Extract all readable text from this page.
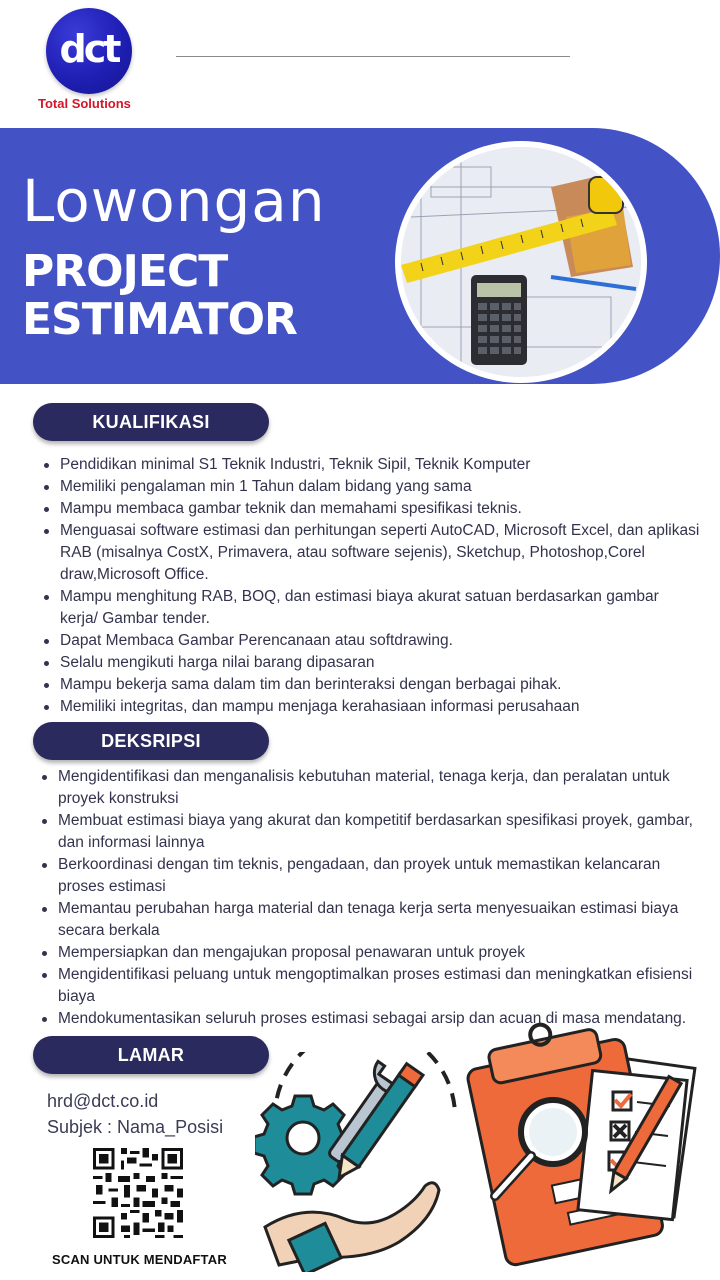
dct
Total Solutions
Lowongan
PROJECT
ESTIMATOR
KUALIFIKASI
Pendidikan minimal S1 Teknik Industri, Teknik Sipil, Teknik Komputer
Memiliki pengalaman min 1 Tahun dalam bidang yang sama
Mampu membaca gambar teknik dan memahami spesifikasi teknis.
Menguasai software estimasi dan perhitungan seperti AutoCAD, Microsoft Excel, dan aplikasi RAB (misalnya CostX, Primavera, atau software sejenis), Sketchup, Photoshop,Corel draw,Microsoft Office.
Mampu menghitung RAB, BOQ, dan estimasi biaya akurat satuan berdasarkan gambar kerja/ Gambar tender.
Dapat Membaca Gambar Perencanaan atau softdrawing.
Selalu mengikuti harga nilai barang dipasaran
Mampu bekerja sama dalam tim dan berinteraksi dengan berbagai pihak.
Memiliki integritas, dan mampu menjaga kerahasiaan informasi perusahaan
DEKSRIPSI
Mengidentifikasi dan menganalisis kebutuhan material, tenaga kerja, dan peralatan untuk proyek konstruksi
Membuat estimasi biaya yang akurat dan kompetitif berdasarkan spesifikasi proyek, gambar, dan informasi lainnya
Berkoordinasi dengan tim teknis, pengadaan, dan proyek untuk memastikan kelancaran proses estimasi
Memantau perubahan harga material dan tenaga kerja serta menyesuaikan estimasi biaya secara berkala
Mempersiapkan dan mengajukan proposal penawaran untuk proyek
Mengidentifikasi peluang untuk mengoptimalkan proses estimasi dan meningkatkan efisiensi biaya
Mendokumentasikan seluruh proses estimasi sebagai arsip dan acuan di masa mendatang.
LAMAR
hrd@dct.co.id
Subjek : Nama_Posisi
SCAN UNTUK MENDAFTAR
